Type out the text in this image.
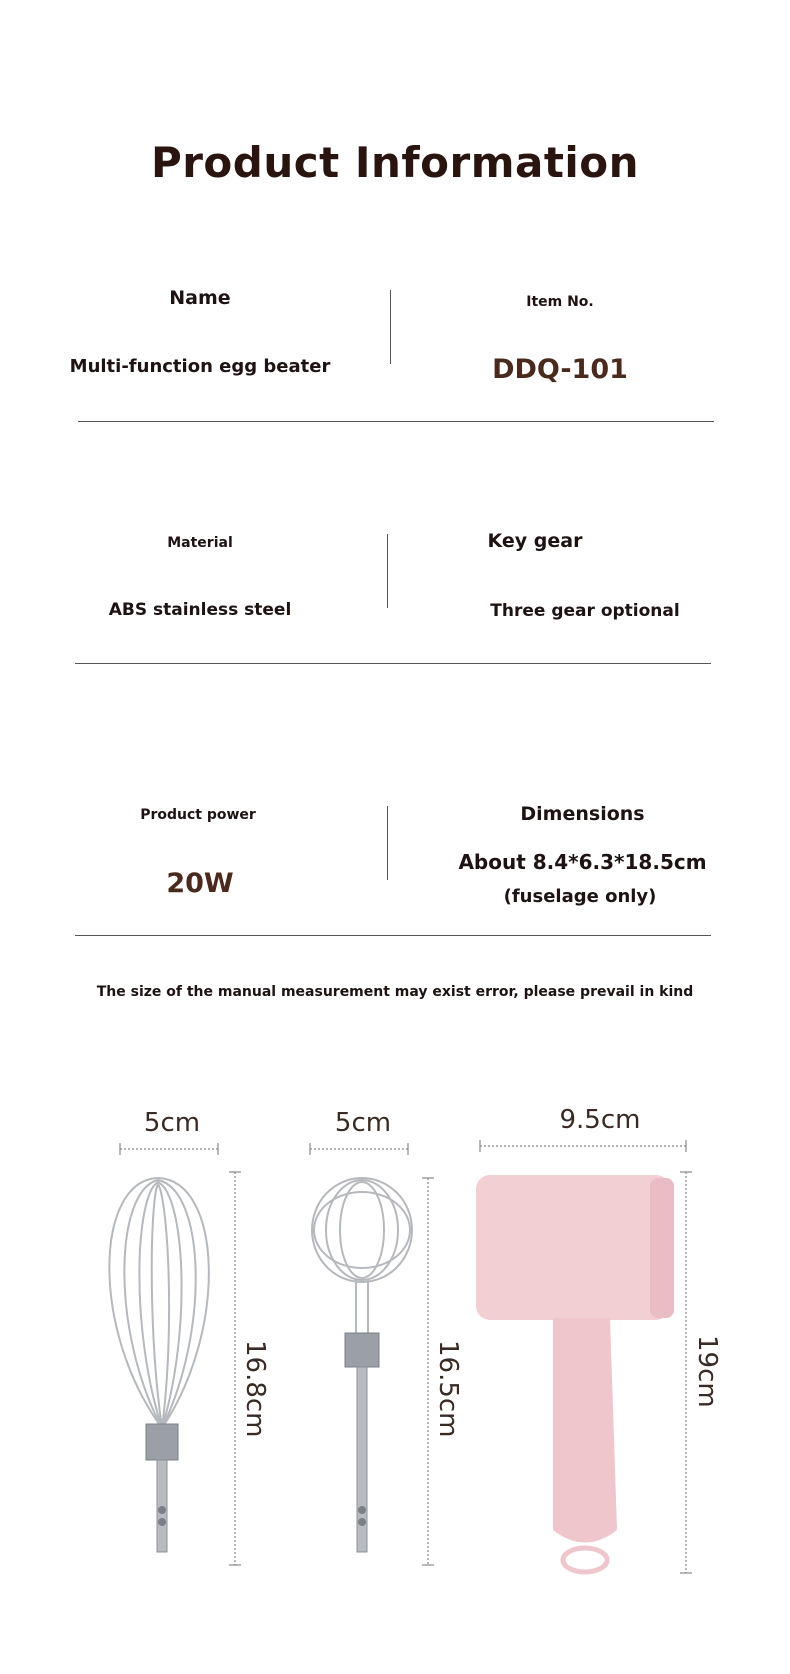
Product Information
Name
Multi-function egg beater
Item No.
DDQ-101
Material
ABS stainless steel
Key gear
Three gear optional
Product power
20W
Dimensions
About 8.4*6.3*18.5cm
(fuselage only)
The size of the manual measurement may exist error, please prevail in kind
5cm	5cm	9.5cm
16.8cm	16.5cm	19cm
